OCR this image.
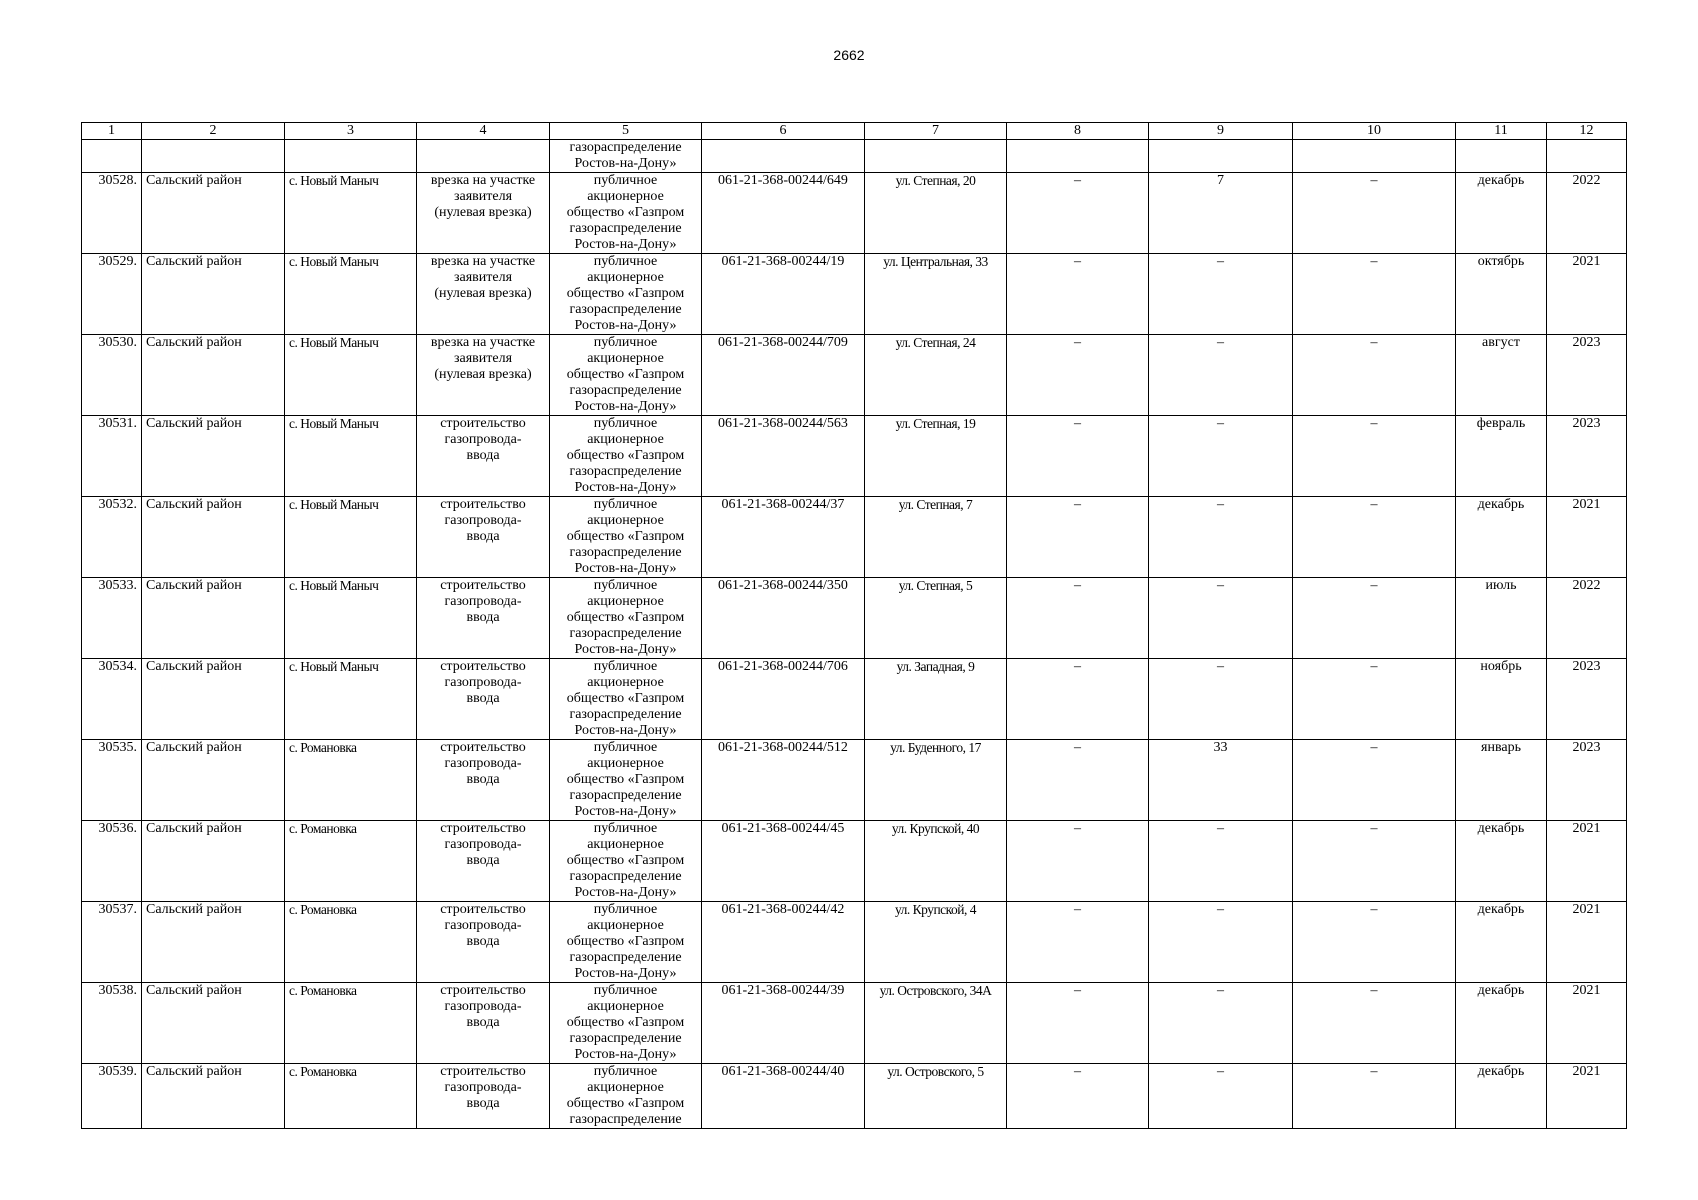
2662
1	2	3	4	5	6	7	8	9	10	11	12

				газораспределение
Ростов-на-Дону»							

30528.	Сальский район	с. Новый Маныч	врезка на участке
заявителя
(нулевая врезка)	публичное
акционерное
общество «Газпром
газораспределение
Ростов-на-Дону»	061-21-368-00244/649	ул. Степная, 20	–	7	–	декабрь	2022
30529.	Сальский район	с. Новый Маныч	врезка на участке
заявителя
(нулевая врезка)	публичное
акционерное
общество «Газпром
газораспределение
Ростов-на-Дону»	061-21-368-00244/19	ул. Центральная, 33	–	–	–	октябрь	2021
30530.	Сальский район	с. Новый Маныч	врезка на участке
заявителя
(нулевая врезка)	публичное
акционерное
общество «Газпром
газораспределение
Ростов-на-Дону»	061-21-368-00244/709	ул. Степная, 24	–	–	–	август	2023
30531.	Сальский район	с. Новый Маныч	строительство
газопровода-
ввода	публичное
акционерное
общество «Газпром
газораспределение
Ростов-на-Дону»	061-21-368-00244/563	ул. Степная, 19	–	–	–	февраль	2023
30532.	Сальский район	с. Новый Маныч	строительство
газопровода-
ввода	публичное
акционерное
общество «Газпром
газораспределение
Ростов-на-Дону»	061-21-368-00244/37	ул. Степная, 7	–	–	–	декабрь	2021
30533.	Сальский район	с. Новый Маныч	строительство
газопровода-
ввода	публичное
акционерное
общество «Газпром
газораспределение
Ростов-на-Дону»	061-21-368-00244/350	ул. Степная, 5	–	–	–	июль	2022
30534.	Сальский район	с. Новый Маныч	строительство
газопровода-
ввода	публичное
акционерное
общество «Газпром
газораспределение
Ростов-на-Дону»	061-21-368-00244/706	ул. Западная, 9	–	–	–	ноябрь	2023
30535.	Сальский район	с. Романовка	строительство
газопровода-
ввода	публичное
акционерное
общество «Газпром
газораспределение
Ростов-на-Дону»	061-21-368-00244/512	ул. Буденного, 17	–	33	–	январь	2023
30536.	Сальский район	с. Романовка	строительство
газопровода-
ввода	публичное
акционерное
общество «Газпром
газораспределение
Ростов-на-Дону»	061-21-368-00244/45	ул. Крупской, 40	–	–	–	декабрь	2021
30537.	Сальский район	с. Романовка	строительство
газопровода-
ввода	публичное
акционерное
общество «Газпром
газораспределение
Ростов-на-Дону»	061-21-368-00244/42	ул. Крупской, 4	–	–	–	декабрь	2021
30538.	Сальский район	с. Романовка	строительство
газопровода-
ввода	публичное
акционерное
общество «Газпром
газораспределение
Ростов-на-Дону»	061-21-368-00244/39	ул. Островского, 34А	–	–	–	декабрь	2021
30539.	Сальский район	с. Романовка	строительство
газопровода-
ввода	публичное
акционерное
общество «Газпром
газораспределение	061-21-368-00244/40	ул. Островского, 5	–	–	–	декабрь	2021
